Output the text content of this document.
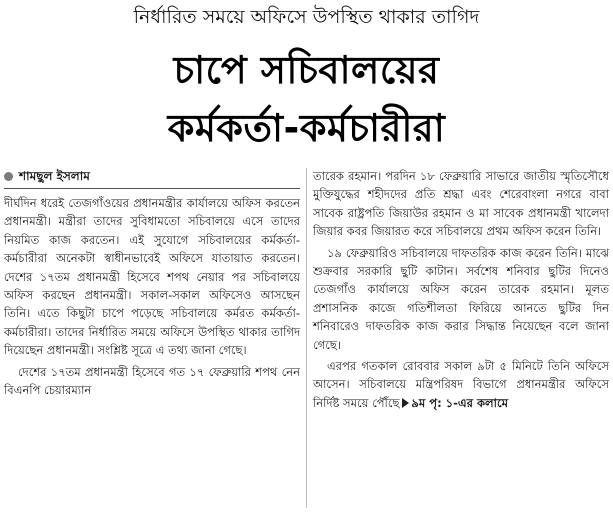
নির্ধারিত সময়ে অফিসে উপস্থিত থাকার তাগিদ
চাপে সচিবালয়ের
কর্মকর্তা-কর্মচারীরা
শামছুল ইসলাম

দীর্ঘদিন ধরেই তেজগাঁওয়ের প্রধানমন্ত্রীর কার্যালয়ে অফিস করতেন প্রধানমন্ত্রী। মন্ত্রীরা তাদের সুবিধামতো সচিবালয়ে এসে তাদের নিয়মিত কাজ করতেন। এই সুযোগে সচিবালয়ের কর্মকর্তা-কর্মচারীরা অনেকটা স্বাধীনভাবেই অফিসে যাতায়াত করতেন। দেশের ১৭তম প্রধানমন্ত্রী হিসেবে শপথ নেয়ার পর সচিবালয়ে অফিস করছেন প্রধানমন্ত্রী। সকাল-সকাল অফিসেও আসছেন তিনি। এতে কিছুটা চাপে পড়েছে সচিবালয়ে কর্মরত কর্মকর্তা-কর্মচারীরা। তাদের নির্ধারিত সময়ে অফিসে উপস্থিত থাকার তাগিদ দিয়েছেন প্রধানমন্ত্রী। সংশ্লিষ্ট সূত্রে এ তথ্য জানা গেছে।

দেশের ১৭তম প্রধানমন্ত্রী হিসেবে গত ১৭ ফেব্রুয়ারি শপথ নেন বিএনপি চেয়ারম্যান

তারেক রহমান। পরদিন ১৮ ফেব্রুয়ারি সাভারে জাতীয় স্মৃতিসৌধে মুক্তিযুদ্ধের শহীদদের প্রতি শ্রদ্ধা এবং শেরেবাংলা নগরে বাবা সাবেক রাষ্ট্রপতি জিয়াউর রহমান ও মা সাবেক প্রধানমন্ত্রী খালেদা জিয়ার কবর জিয়ারত করে সচিবালয়ে প্রথম অফিস করেন তিনি।

১৯ ফেব্রুয়ারিও সচিবালয়ে দাফতরিক কাজ করেন তিনি। মাঝে শুক্রবার সরকারি ছুটি কাটান। সর্বশেষ শনিবার ছুটির দিনেও তেজগাঁও কার্যালয়ে অফিস করেন তারেক রহমান। মূলত প্রশাসনিক কাজে গতিশীলতা ফিরিয়ে আনতে ছুটির দিন শনিবারেও দাফতরিক কাজ করার সিদ্ধান্ত নিয়েছেন বলে জানা গেছে।

এরপর গতকাল রোববার সকাল ৯টা ৫ মিনিটে তিনি অফিসে আসেন। সচিবালয়ে মন্ত্রিপরিষদ বিভাগে প্রধানমন্ত্রীর অফিসে নির্দিষ্ট সময়ে পৌঁছে ৯ম পৃ: ১-এর কলামে
